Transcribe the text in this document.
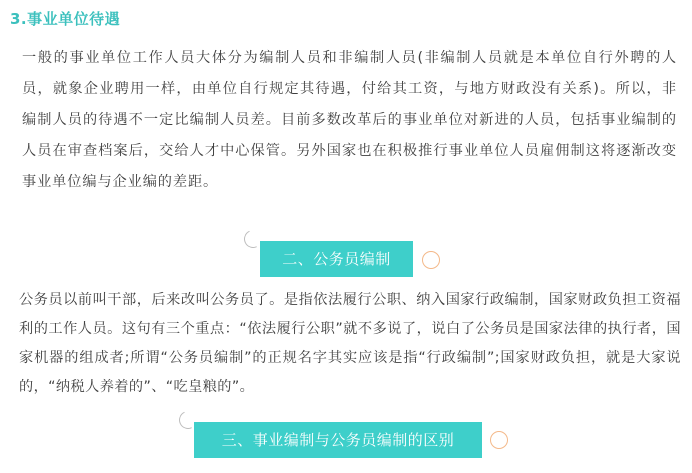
3.事业单位待遇

一般的事业单位工作人员大体分为编制人员和非编制人员(非编制人员就是本单位自行外聘的人员，就象企业聘用一样，由单位自行规定其待遇，付给其工资，与地方财政没有关系)。所以，非编制人员的待遇不一定比编制人员差。目前多数改革后的事业单位对新进的人员，包括事业编制的人员在审查档案后，交给人才中心保管。另外国家也在积极推行事业单位人员雇佣制这将逐渐改变事业单位编与企业编的差距。

二、公务员编制

公务员以前叫干部，后来改叫公务员了。是指依法履行公职、纳入国家行政编制，国家财政负担工资福利的工作人员。这句有三个重点：“依法履行公职”就不多说了，说白了公务员是国家法律的执行者，国家机器的组成者;所谓“公务员编制”的正规名字其实应该是指“行政编制”;国家财政负担，就是大家说的，“纳税人养着的”、“吃皇粮的”。

三、事业编制与公务员编制的区别
